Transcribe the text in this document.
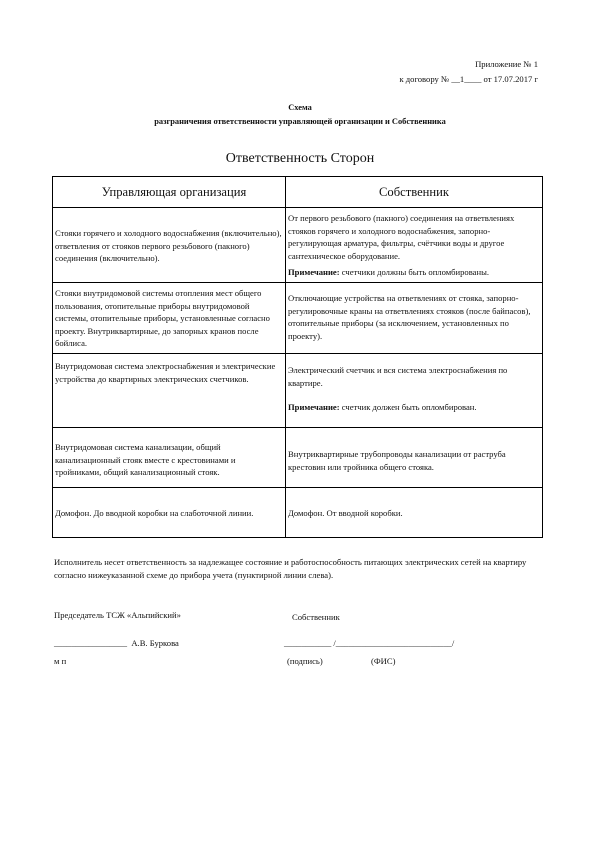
Приложение № 1
к договору № __1____ от 17.07.2017 г
Схема
разграничения ответственности управляющей организации и Собственника
Ответственность Сторон
Управляющая организация	Собственник

Стояки горячего и холодного водоснабжения (включительно), ответвления от стояков первого резьбового (пакного) соединения (включительно).	От первого резьбового (пакного) соединения на ответвлениях стояков горячего и холодного водоснабжения, запорно-регулирующая арматура, фильтры, счётчики воды и другое сантехническое оборудование.
Примечание: счетчики должны быть опломбированы.

Стояки внутридомовой системы отопления мест общего пользования, отопительные приборы внутридомовой системы, отопительные приборы, установленные согласно проекту. Внутриквартирные, до запорных кранов после бойлиса.	Отключающие устройства на ответвлениях от стояка, запорно-регулировочные краны на ответвлениях стояков (после байпасов), отопительные приборы (за исключением, установленных по проекту).

Внутридомовая система электроснабжения и электрические устройства до квартирных электрических счетчиков.	Электрический счетчик и вся система электроснабжения по квартире.
Примечание: счетчик должен быть опломбирован.

Внутридомовая система канализации, общий канализационный стояк вместе с крестовинами и тройниками, общий канализационный стояк.	Внутриквартирные трубопроводы канализации от раструба крестовин или тройника общего стояка.

Домофон. До вводной коробки на слаботочной линии.	Домофон. От вводной коробки.
Исполнитель несет ответственность за надлежащее состояние и работоспособность питающих электрических сетей на квартиру согласно нижеуказанной схеме до прибора учета (пунктирной линии слева).
Председатель ТСЖ «Альпийский»	Собственник
_________________  А.В. Буркова	___________ /___________________________/
м п	(подпись)	(ФИС)
